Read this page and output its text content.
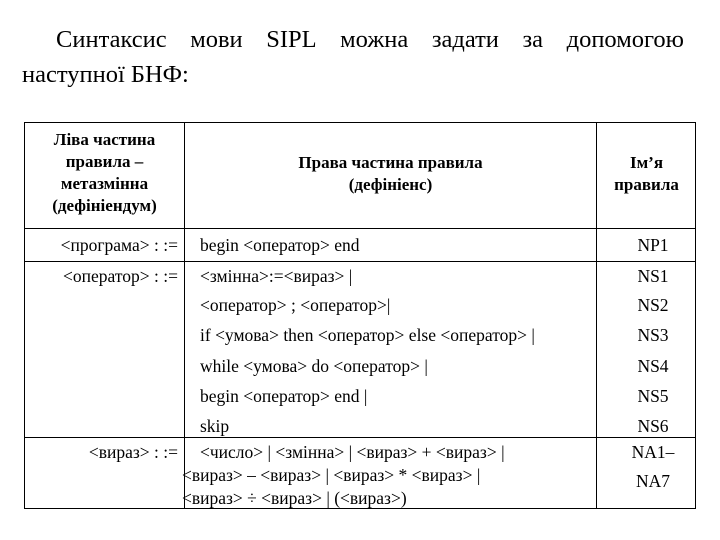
Синтаксис мови SIPL можна задати за допомогою
наступної БНФ:
Ліва частина
правила –
метазмінна
(дефініендум)
Права частина правила
(дефініенс)
Ім’я
правила
<програма> : := begin <оператор> end	NP1
<оператор> : := <змінна>:=<вираз> |
<оператор> ; <оператор>|
if <умова> then <оператор> else <оператор> |
while <умова> do <оператор> |
begin <оператор> end |
skip
NS1
NS2
NS3
NS4
NS5
NS6
<вираз> : := <число> | <змінна> | <вираз> + <вираз> |
<вираз> – <вираз> | <вираз> * <вираз> |
<вираз> ÷ <вираз> | (<вираз>)
NA1–
NA7
